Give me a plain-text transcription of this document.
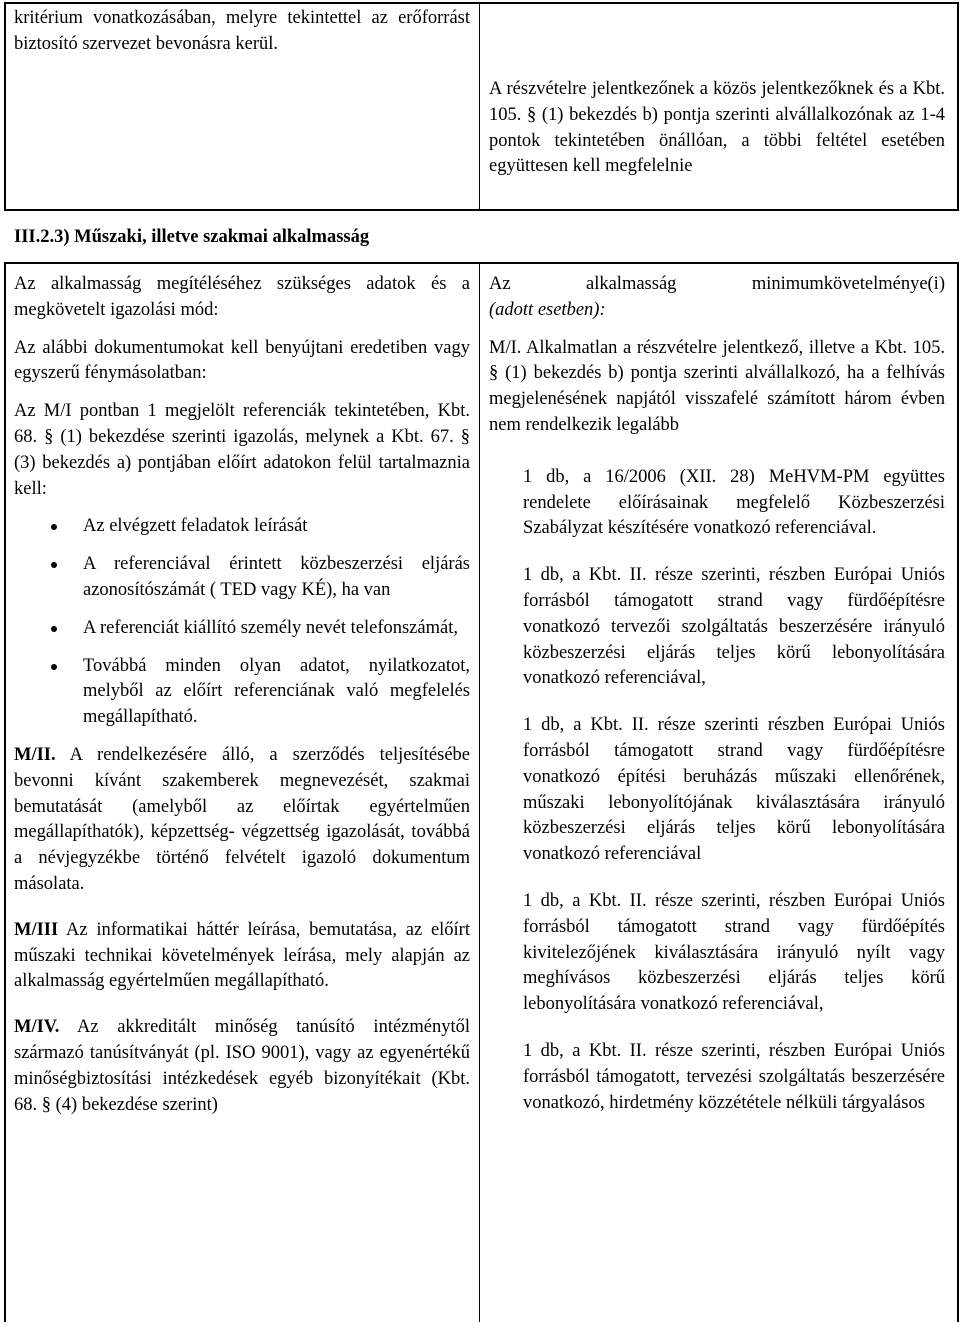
kritérium vonatkozásában, melyre tekintettel az erőforrást biztosító szervezet bevonásra kerül.
A részvételre jelentkezőnek a közös jelentkezőknek és a Kbt. 105. § (1) bekezdés b) pontja szerinti alvállalkozónak az 1-4 pontok tekintetében önállóan, a többi feltétel esetében együttesen kell megfelelnie
III.2.3) Műszaki, illetve szakmai alkalmasság

Az alkalmasság megítéléséhez szükséges adatok és a megkövetelt igazolási mód:

Az alábbi dokumentumokat kell benyújtani eredetiben vagy egyszerű fénymásolatban:

Az M/I pontban 1 megjelölt referenciák tekintetében, Kbt. 68. § (1) bekezdése szerinti igazolás, melynek a Kbt. 67. § (3) bekezdés a) pontjában előírt adatokon felül tartalmaznia kell:

Az elvégzett feladatok leírását
A referenciával érintett közbeszerzési eljárás azonosítószámát ( TED vagy KÉ), ha van
A referenciát kiállító személy nevét telefonszámát,
Továbbá minden olyan adatot, nyilatkozatot, melyből az előírt referenciának való megfelelés megállapítható.

M/II. A rendelkezésére álló, a szerződés teljesítésébe bevonni kívánt szakemberek megnevezését, szakmai bemutatását (amelyből az előírtak egyértelműen megállapíthatók), képzettség- végzettség igazolását, továbbá a névjegyzékbe történő felvételt igazoló dokumentum másolata.

M/III Az informatikai háttér leírása, bemutatása, az előírt műszaki technikai követelmények leírása, mely alapján az alkalmasság egyértelműen megállapítható.

M/IV. Az akkreditált minőség tanúsító intézménytől származó tanúsítványát (pl. ISO 9001), vagy az egyenértékű minőségbiztosítási intézkedések egyéb bizonyítékait (Kbt. 68. § (4) bekezdése szerint)

Az alkalmasság minimumkövetelménye(i)
(adott esetben):

M/I. Alkalmatlan a részvételre jelentkező, illetve a Kbt. 105. § (1) bekezdés b) pontja szerinti alvállalkozó, ha a felhívás megjelenésének napjától visszafelé számított három évben nem rendelkezik legalább

1 db, a 16/2006 (XII. 28) MeHVM-PM együttes rendelete előírásainak megfelelő Közbeszerzési Szabályzat készítésére vonatkozó referenciával.

1 db, a Kbt. II. része szerinti, részben Európai Uniós forrásból támogatott strand vagy fürdőépítésre vonatkozó tervezői szolgáltatás beszerzésére irányuló közbeszerzési eljárás teljes körű lebonyolítására vonatkozó referenciával,

1 db, a Kbt. II. része szerinti részben Európai Uniós forrásból támogatott strand vagy fürdőépítésre vonatkozó építési beruházás műszaki ellenőrének, műszaki lebonyolítójának kiválasztására irányuló közbeszerzési eljárás teljes körű lebonyolítására vonatkozó referenciával

1 db, a Kbt. II. része szerinti, részben Európai Uniós forrásból támogatott strand vagy fürdőépítés kivitelezőjének kiválasztására irányuló nyílt vagy meghívásos közbeszerzési eljárás teljes körű lebonyolítására vonatkozó referenciával,

1 db, a Kbt. II. része szerinti, részben Európai Uniós forrásból támogatott, tervezési szolgáltatás beszerzésére vonatkozó, hirdetmény közzététele nélküli tárgyalásos
